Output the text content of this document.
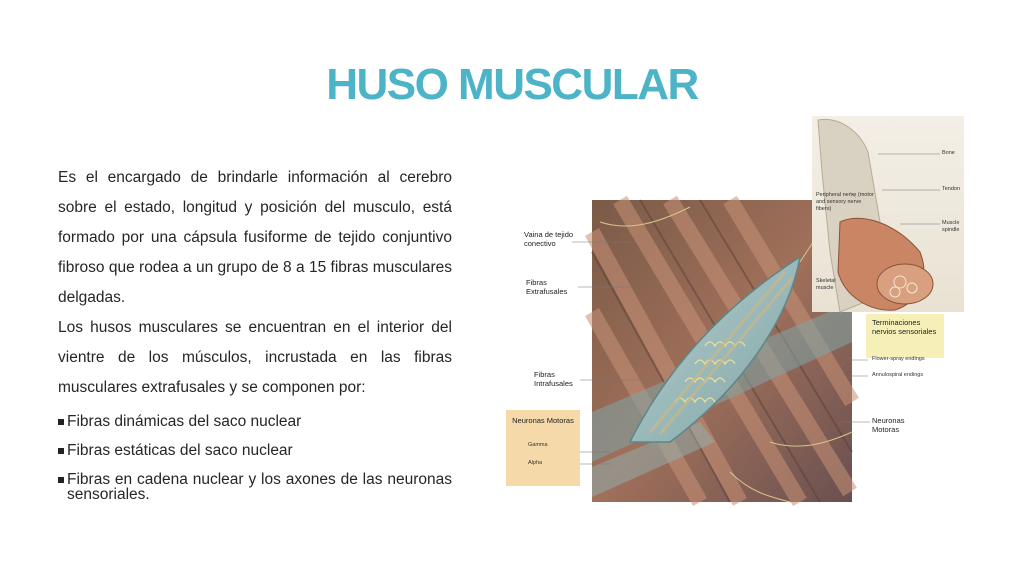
HUSO MUSCULAR

Es el encargado de brindarle información al cerebro sobre el estado, longitud y posición del musculo, está formado por una cápsula fusiforme de tejido conjuntivo fibroso que rodea a un grupo de 8 a 15 fibras musculares delgadas.

Los husos musculares se encuentran en el interior del vientre de los músculos, incrustada en las fibras musculares extrafusales y se componen por:

Fibras dinámicas del saco nuclear
Fibras estáticas del saco nuclear
Fibras en cadena nuclear y los axones de las neuronas sensoriales.
Vaina de tejido conectivo
Fibras Extrafusales
Fibras Intrafusales
Neuronas Motoras
Gamma
Alpha
Bone
Tendon
Peripheral nerve (motor and sensory nerve fibers)
Muscle spindle
Skeletal muscle
Terminaciones nervios sensoriales
Flower-spray endings
Annulospiral endings
Neuronas Motoras
